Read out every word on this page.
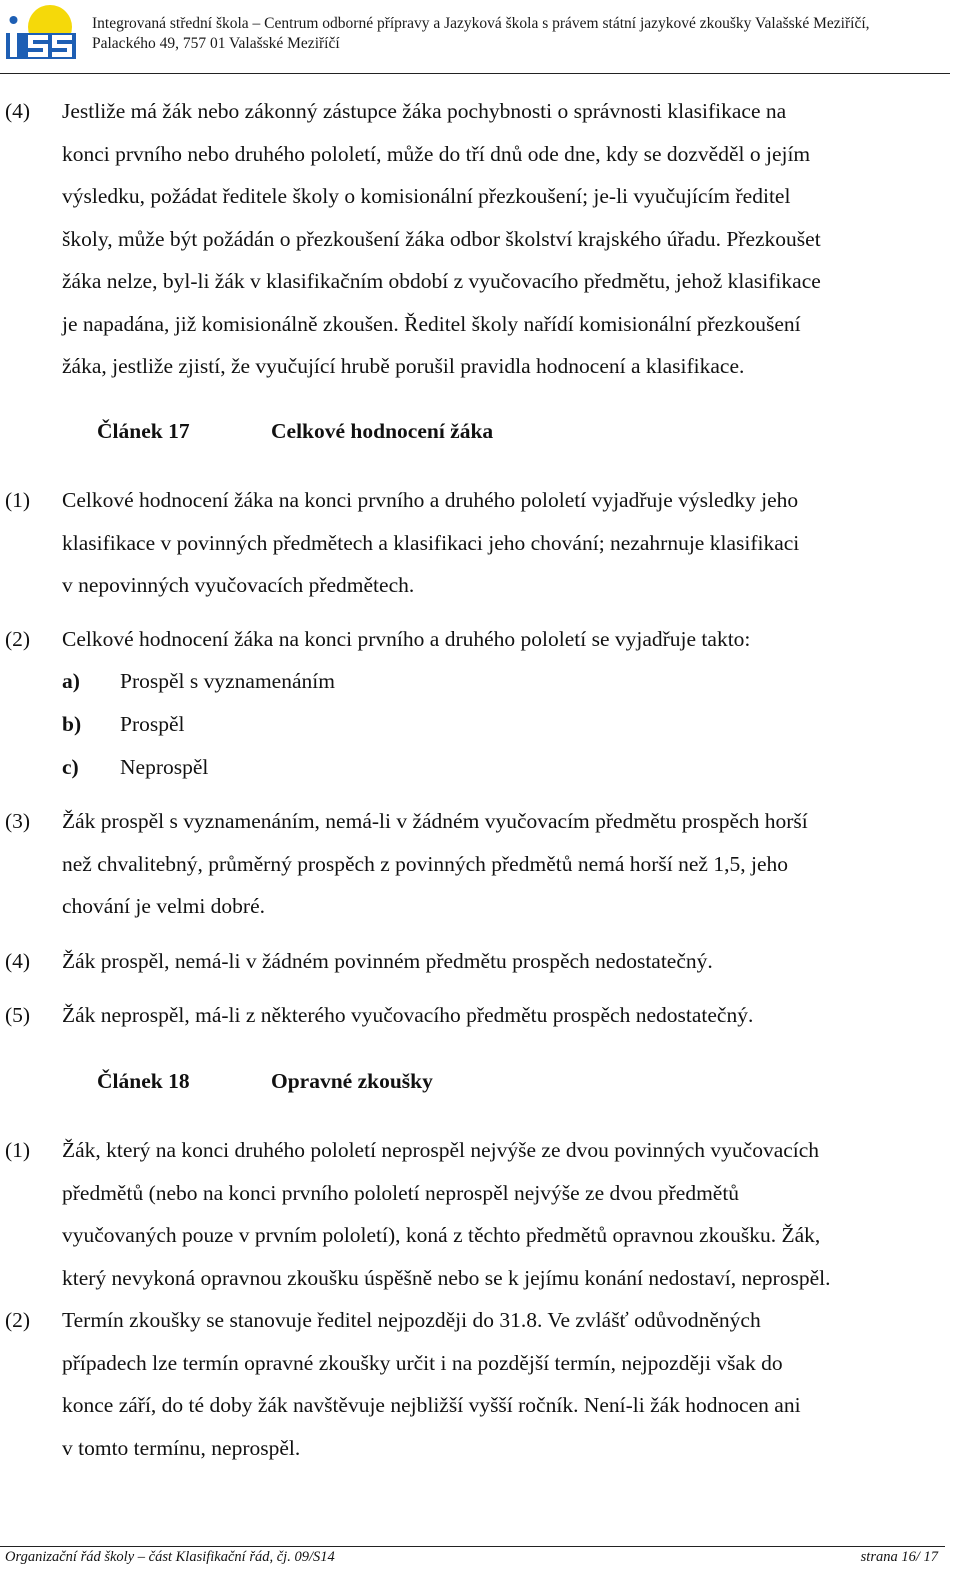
Integrovaná střední škola – Centrum odborné přípravy a Jazyková škola s právem státní jazykové zkoušky Valašské Meziříčí,
Palackého 49, 757 01 Valašské Meziříčí
(4) Jestliže má žák nebo zákonný zástupce žáka pochybnosti o správnosti klasifikace na
konci prvního nebo druhého pololetí, může do tří dnů ode dne, kdy se dozvěděl o jejím
výsledku, požádat ředitele školy o komisionální přezkoušení; je-li vyučujícím ředitel
školy, může být požádán o přezkoušení žáka odbor školství krajského úřadu. Přezkoušet
žáka nelze, byl-li žák v klasifikačním období z vyučovacího předmětu, jehož klasifikace
je napadána, již komisionálně zkoušen. Ředitel školy nařídí komisionální přezkoušení
žáka, jestliže zjistí, že vyučující hrubě porušil pravidla hodnocení a klasifikace.
Článek 17	Celkové hodnocení žáka
(1) Celkové hodnocení žáka na konci prvního a druhého pololetí vyjadřuje výsledky jeho
klasifikace v povinných předmětech a klasifikaci jeho chování; nezahrnuje klasifikaci
v nepovinných vyučovacích předmětech.
(2) Celkové hodnocení žáka na konci prvního a druhého pololetí se vyjadřuje takto:
a) Prospěl s vyznamenáním
b) Prospěl
c) Neprospěl
(3) Žák prospěl s vyznamenáním, nemá-li v žádném vyučovacím předmětu prospěch horší
než chvalitebný, průměrný prospěch z povinných předmětů nemá horší než 1,5, jeho
chování je velmi dobré.
(4) Žák prospěl, nemá-li v žádném povinném předmětu prospěch nedostatečný.
(5) Žák neprospěl, má-li z některého vyučovacího předmětu prospěch nedostatečný.
Článek 18	Opravné zkoušky
(1) Žák, který na konci druhého pololetí neprospěl nejvýše ze dvou povinných vyučovacích
předmětů (nebo na konci prvního pololetí neprospěl nejvýše ze dvou předmětů
vyučovaných pouze v prvním pololetí), koná z těchto předmětů opravnou zkoušku. Žák,
který nevykoná opravnou zkoušku úspěšně nebo se k jejímu konání nedostaví, neprospěl.
(2) Termín zkoušky se stanovuje ředitel nejpozději do 31.8. Ve zvlášť odůvodněných
případech lze termín opravné zkoušky určit i na pozdější termín, nejpozději však do
konce září, do té doby žák navštěvuje nejbližší vyšší ročník. Není-li žák hodnocen ani
v tomto termínu, neprospěl.
Organizační řád školy – část Klasifikační řád, čj. 09/S14	strana 16/ 17
